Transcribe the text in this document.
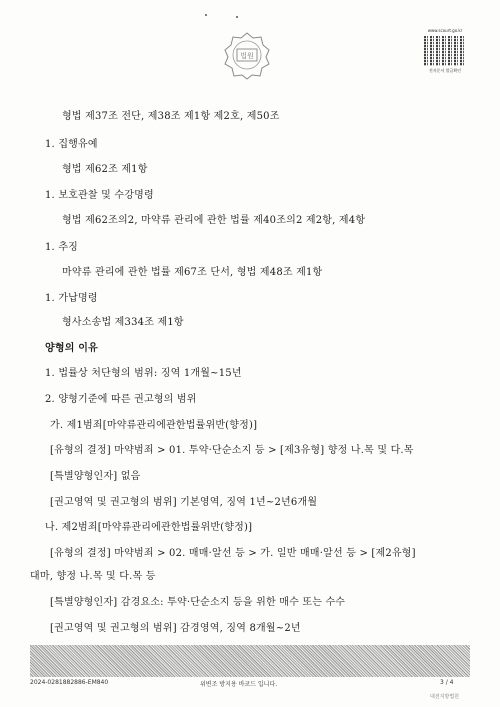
법원
www.scourt.go.kr
전자문서 발급확인
형법 제37조 전단, 제38조 제1항 제2호, 제50조
1. 집행유예
형법 제62조 제1항
1. 보호관찰 및 수강명령
형법 제62조의2, 마약류 관리에 관한 법률 제40조의2 제2항, 제4항
1. 추징
마약류 관리에 관한 법률 제67조 단서, 형법 제48조 제1항
1. 가납명령
형사소송법 제334조 제1항
양형의 이유
1. 법률상 처단형의 범위: 징역 1개월~15년
2. 양형기준에 따른 권고형의 범위
가. 제1범죄[마약류관리에관한법률위반(향정)]
[유형의 결정] 마약범죄 > 01. 투약·단순소지 등 > [제3유형] 향정 나.목 및 다.목
[특별양형인자] 없음
[권고영역 및 권고형의 범위] 기본영역, 징역 1년~2년6개월
나. 제2범죄[마약류관리에관한법률위반(향정)]
[유형의 결정] 마약범죄 > 02. 매매·알선 등 > 가. 일반 매매·알선 등 > [제2유형]
대마, 향정 나.목 및 다.목 등
[특별양형인자] 감경요소: 투약·단순소지 등을 위한 매수 또는 수수
[권고영역 및 권고형의 범위] 감경영역, 징역 8개월~2년
2024-0281882886-EM840	위변조 방지용 바코드 입니다.	3 / 4
대전지방법원
